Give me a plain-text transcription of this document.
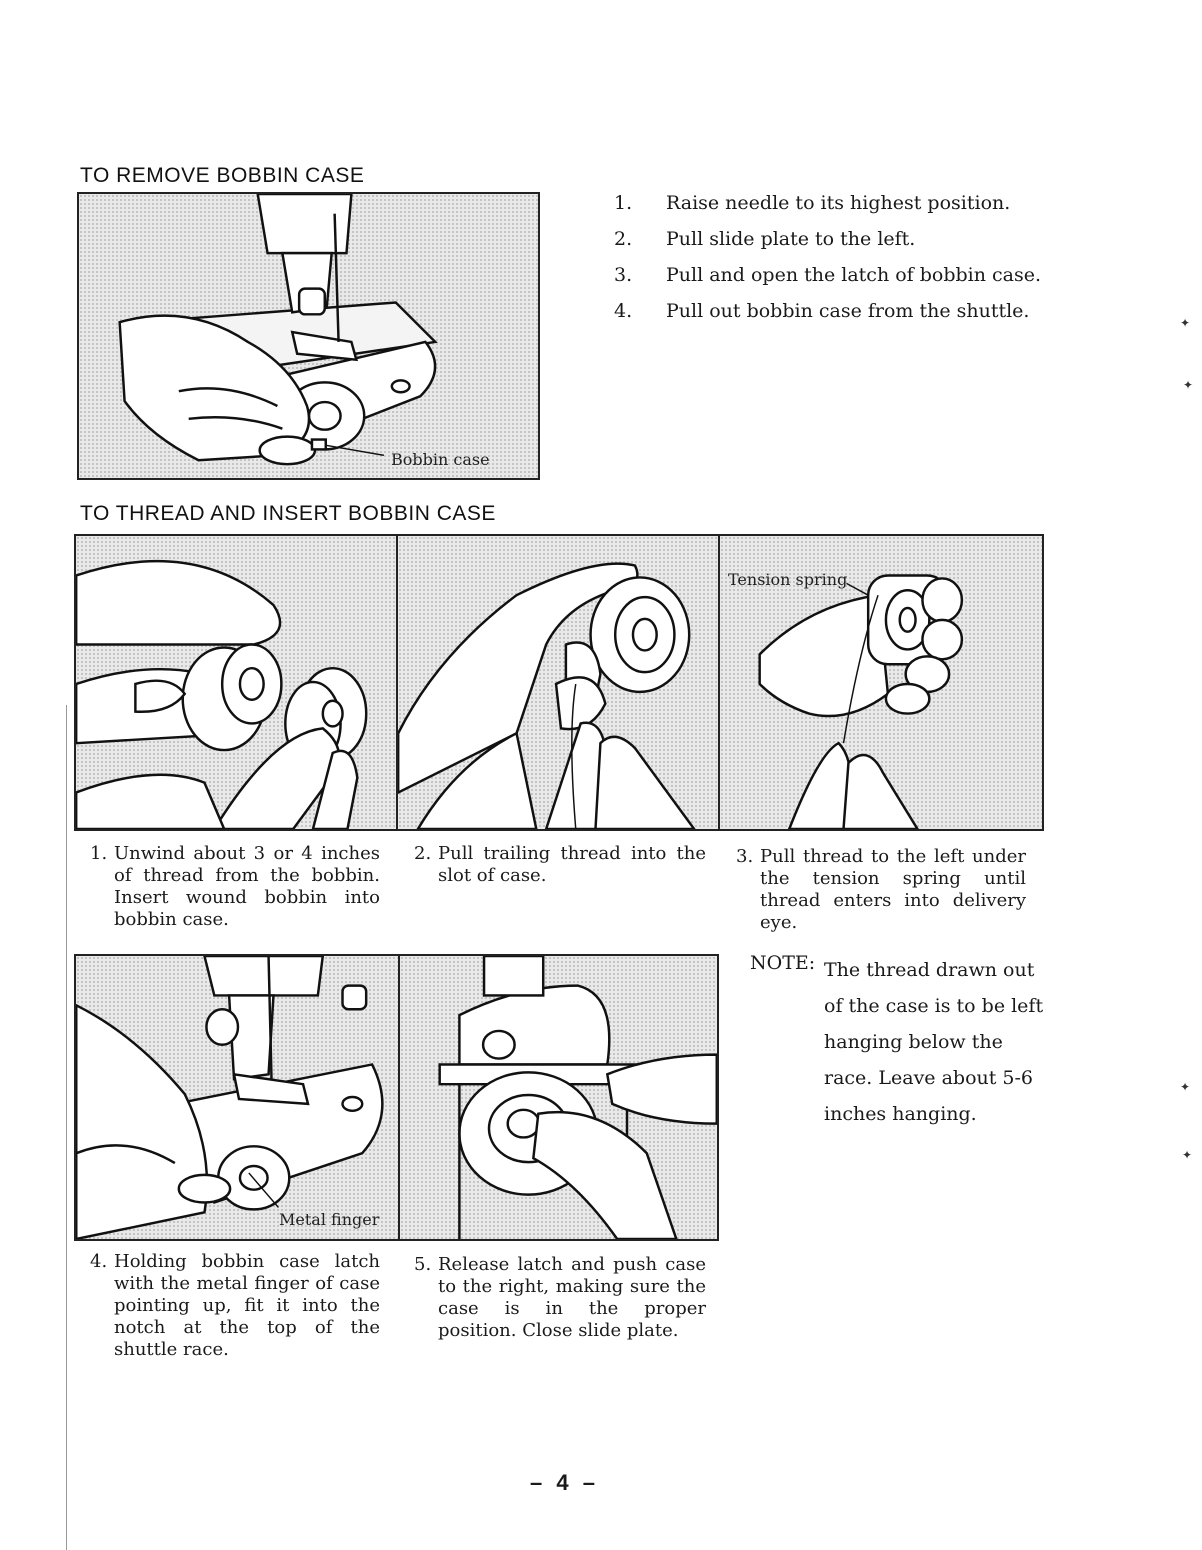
TO REMOVE BOBBIN CASE
Bobbin case
1. Raise needle to its highest position.
2. Pull slide plate to the left.
3. Pull and open the latch of bobbin case.
4. Pull out bobbin case from the shuttle.
TO THREAD AND INSERT BOBBIN CASE
Tension spring
1. Unwind about 3 or 4 inches of thread from the bobbin. Insert wound bobbin into bobbin case.
2. Pull trailing thread into the slot of case.
3. Pull thread to the left under the tension spring until thread enters into delivery eye.
Metal finger
NOTE: The thread drawn out of the case is to be left hanging below the race. Leave about 5-6 inches hanging.
4. Holding bobbin case latch with the metal finger of case pointing up, fit it into the notch at the top of the shuttle race.
5. Release latch and push case to the right, making sure the case is in the proper position. Close slide plate.
– 4 –
✦
✦
✦
✦
